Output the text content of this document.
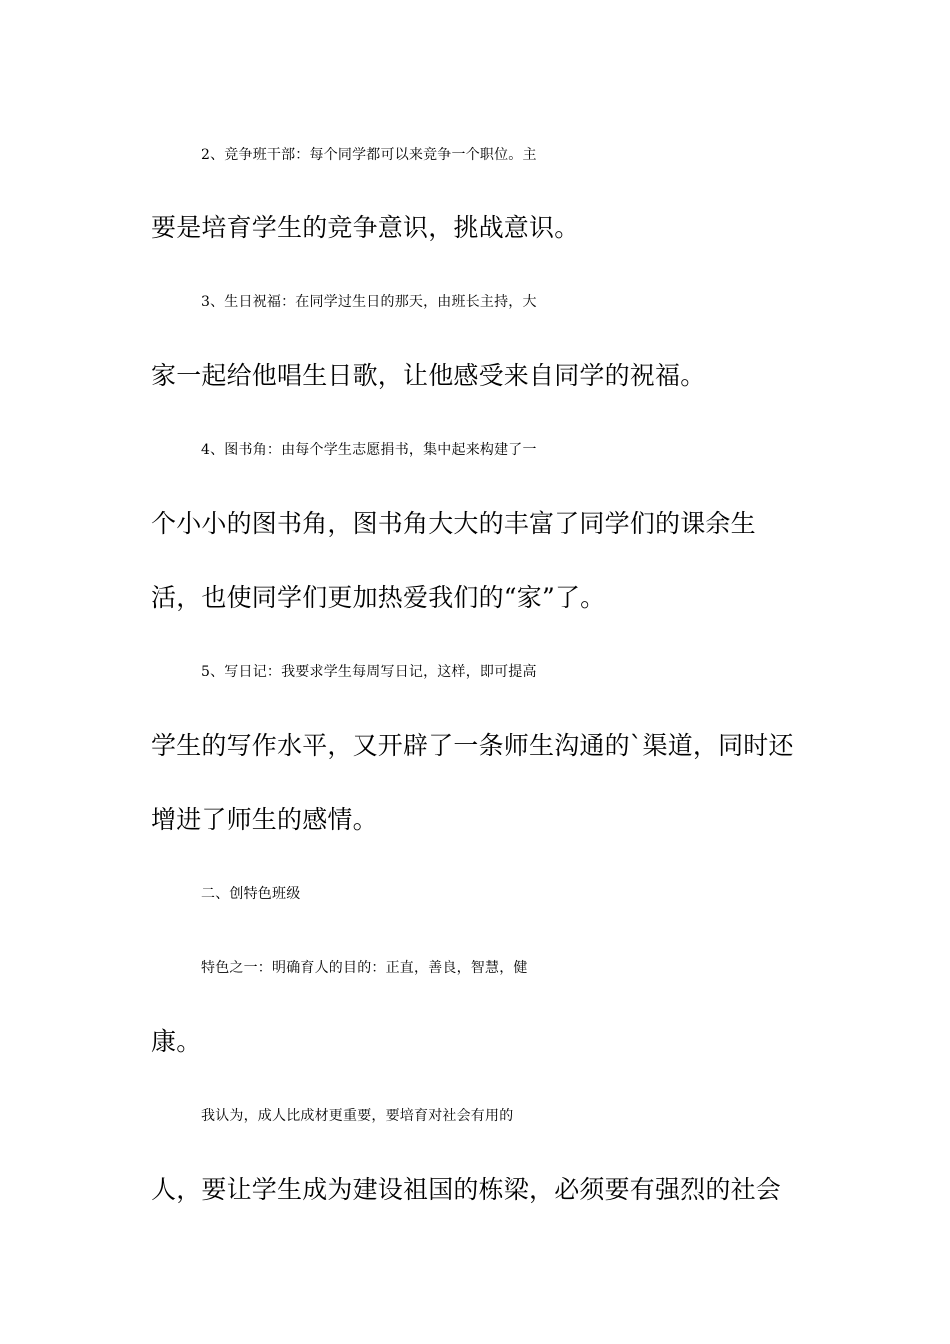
2、竞争班干部：每个同学都可以来竞争一个职位。主
要是培育学生的竞争意识，挑战意识。
3、生日祝福：在同学过生日的那天，由班长主持，大
家一起给他唱生日歌，让他感受来自同学的祝福。
4、图书角：由每个学生志愿捐书，集中起来构建了一
个小小的图书角，图书角大大的丰富了同学们的课余生
活，也使同学们更加热爱我们的“家”了。
5、写日记：我要求学生每周写日记，这样，即可提高
学生的写作水平，又开辟了一条师生沟通的`渠道，同时还
增进了师生的感情。
二、创特色班级
特色之一：明确育人的目的：正直，善良，智慧，健
康。
我认为，成人比成材更重要，要培育对社会有用的
人，要让学生成为建设祖国的栋梁，必须要有强烈的社会
